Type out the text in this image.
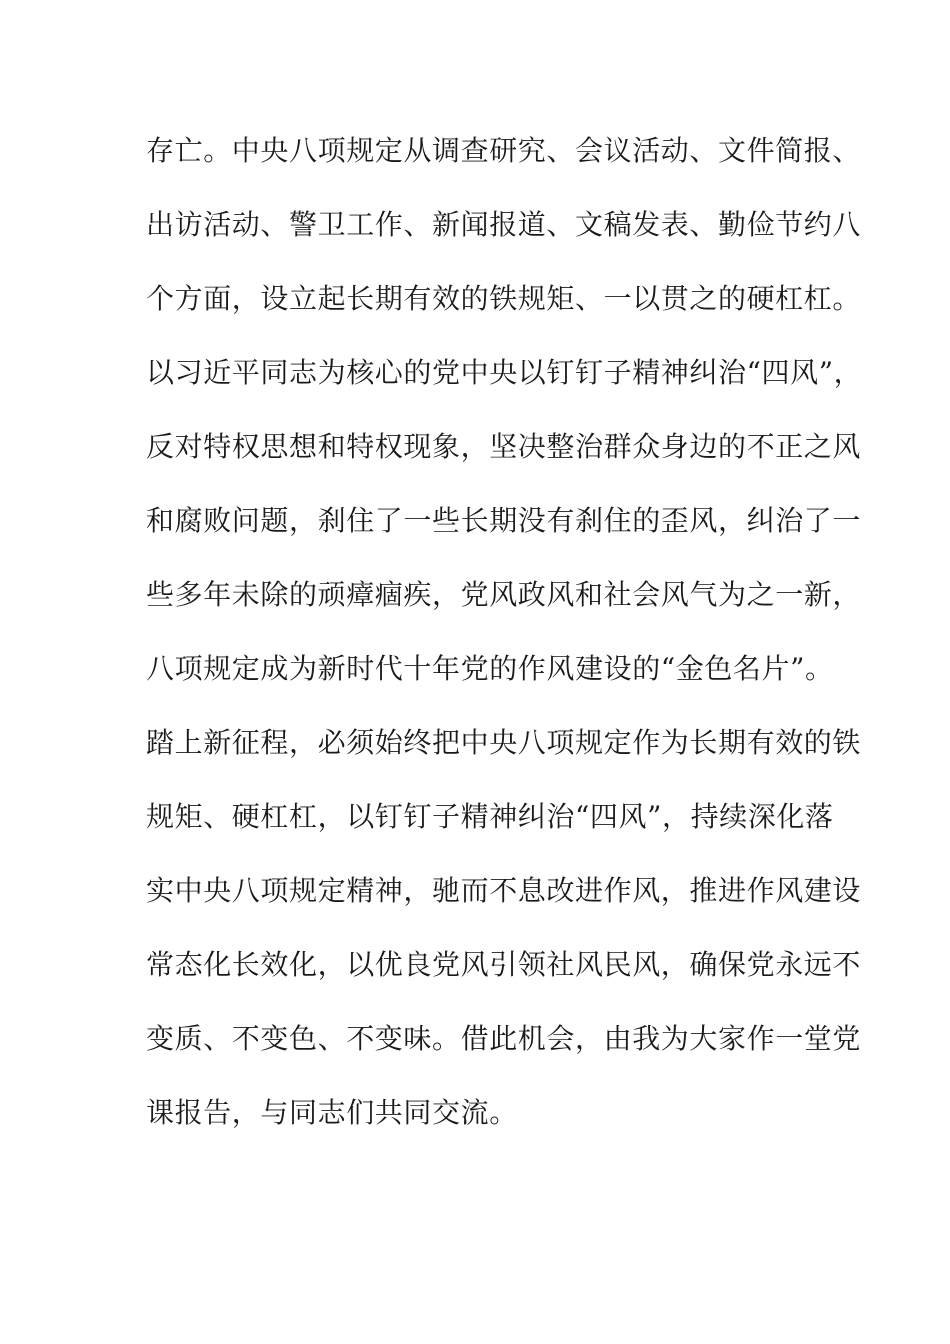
存亡。中央八项规定从调查研究、会议活动、文件简报、
出访活动、警卫工作、新闻报道、文稿发表、勤俭节约八
个方面，设立起长期有效的铁规矩、一以贯之的硬杠杠。
以习近平同志为核心的党中央以钉钉子精神纠治“四风”，
反对特权思想和特权现象，坚决整治群众身边的不正之风
和腐败问题，刹住了一些长期没有刹住的歪风，纠治了一
些多年未除的顽瘴痼疾，党风政风和社会风气为之一新，
八项规定成为新时代十年党的作风建设的“金色名片”。
踏上新征程，必须始终把中央八项规定作为长期有效的铁
规矩、硬杠杠，以钉钉子精神纠治“四风”，持续深化落
实中央八项规定精神，驰而不息改进作风，推进作风建设
常态化长效化，以优良党风引领社风民风，确保党永远不
变质、不变色、不变味。借此机会，由我为大家作一堂党
课报告，与同志们共同交流。
